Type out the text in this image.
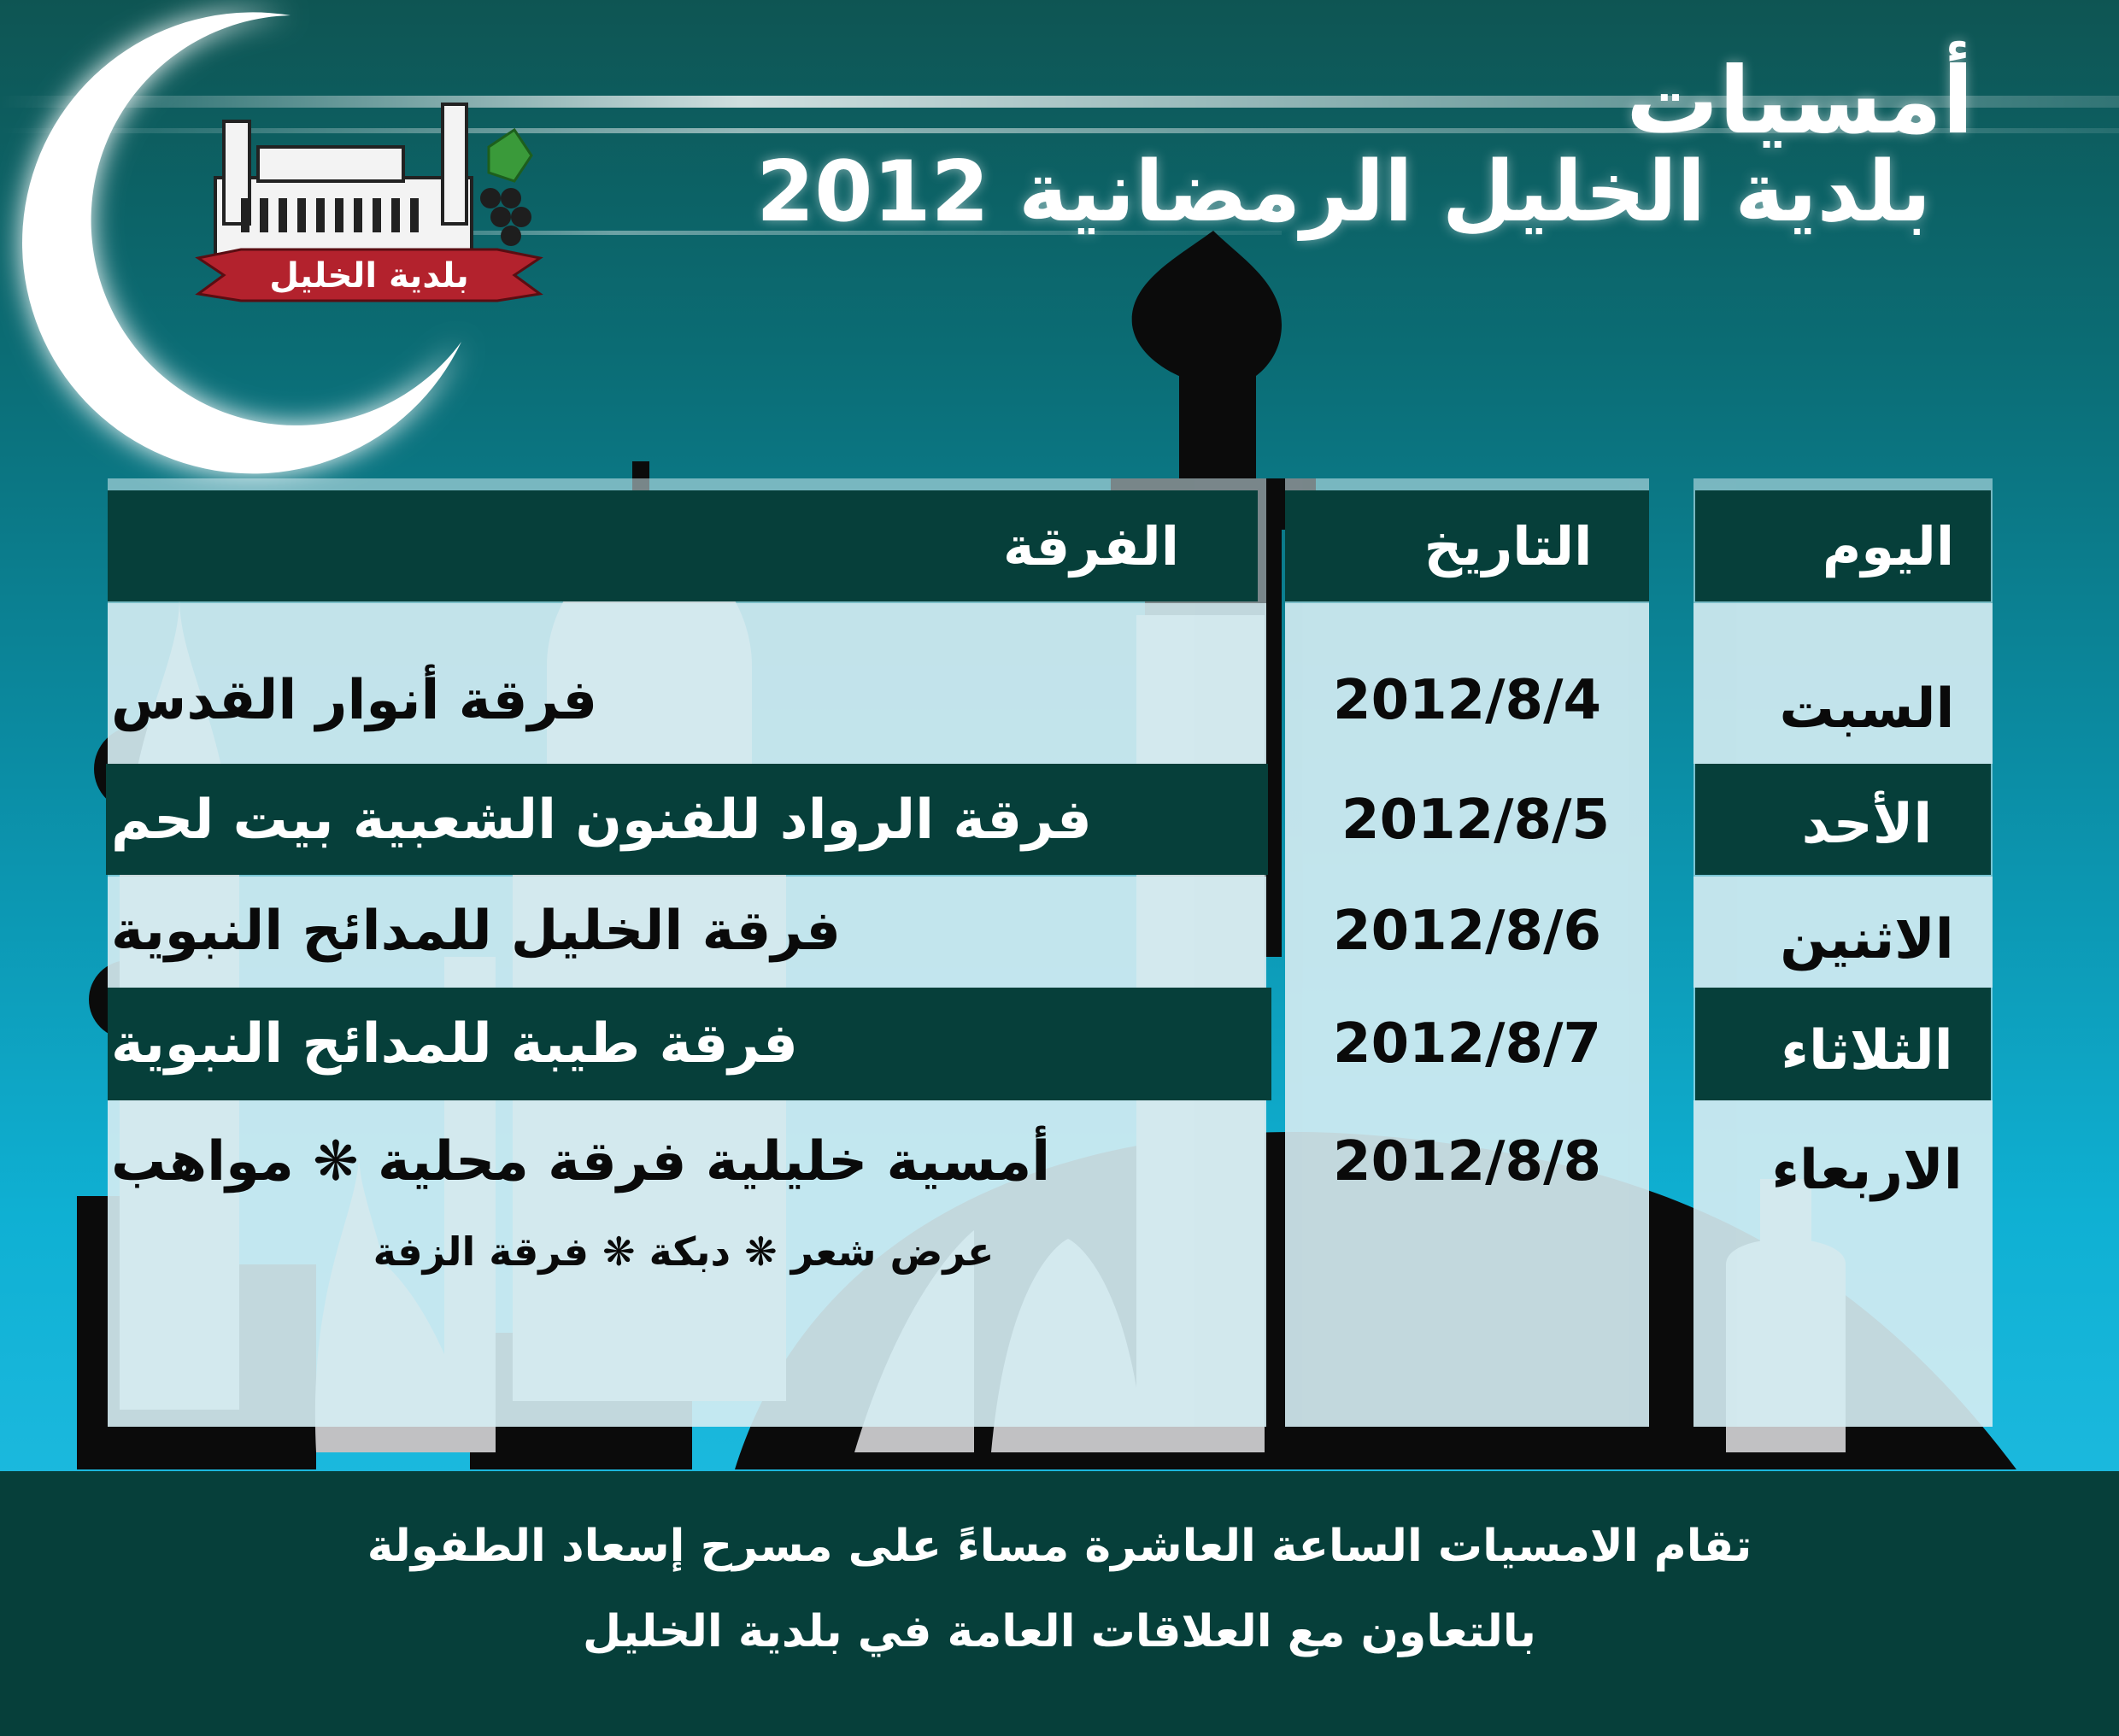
بلدية الخليل
أمسيات
بلدية الخليل الرمضانية 2012
الفرقة	التاريخ	اليوم
فرقة أنوار القدس	2012/8/4	السبت
فرقة الرواد للفنون الشعبية بيت لحم	2012/8/5	الأحد
فرقة الخليل للمدائح النبوية	2012/8/6	الاثنين
فرقة طيبة للمدائح النبوية	2012/8/7	الثلاثاء
أمسية خليلية فرقة محلية ❋ مواهب	2012/8/8	الاربعاء
عرض شعر ❋ دبكة ❋ فرقة الزفة
تقام الامسيات الساعة العاشرة مساءً على مسرح إسعاد الطفولة
بالتعاون مع العلاقات العامة في بلدية الخليل
